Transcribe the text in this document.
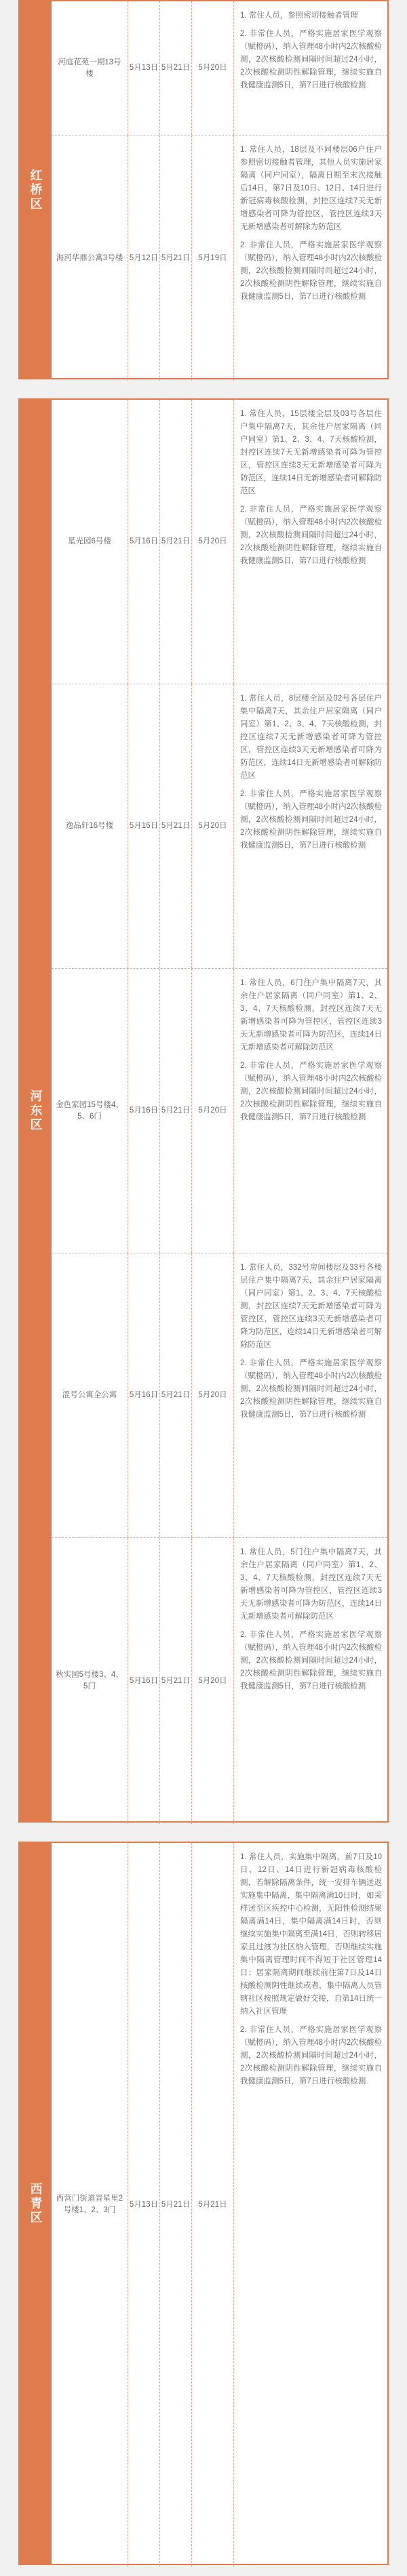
红桥区
河庭花苑一期13号楼
5月13日 5月21日 5月20日

1. 常住人员，参照密切接触者管理

2. 非常住人员，严格实施居家医学观察（赋橙码），纳入管理48小时内2次核酸检测，2次核酸检测间隔时间超过24小时，2次核酸检测阴性解除管理，继续实施自我健康监测5日，第7日进行核酸检测

海河华鼎公寓3号楼 5月12日 5月21日 5月19日

1. 常住人员，18层及不同楼层06户住户参照密切接触者管理，其他人员实施居家隔离（同户同室），隔离日期至末次接触后14日，第7日及10日、12日、14日进行新冠病毒核酸检测，封控区连续7天无新增感染者可降为管控区，管控区连续3天无新增感染者可解除为防范区

2. 非常住人员，严格实施居家医学观察（赋橙码），纳入管理48小时内2次核酸检测，2次核酸检测间隔时间超过24小时，2次核酸检测阴性解除管理，继续实施自我健康监测5日，第7日进行核酸检测

河东区
星光园6号楼 5月16日 5月21日 5月20日

1. 常住人员，15层楼全层及03号各层住户集中隔离7天，其余住户居家隔离（同户同室）第1、2、3、4、7天核酸检测，封控区连续7天无新增感染者可降为管控区，管控区连续3天无新增感染者可降为防范区，连续14日无新增感染者可解除防范区

2. 非常住人员，严格实施居家医学观察（赋橙码），纳入管理48小时内2次核酸检测，2次核酸检测间隔时间超过24小时，2次核酸检测阴性解除管理，继续实施自我健康监测5日，第7日进行核酸检测

逸品轩16号楼 5月16日 5月21日 5月20日

1. 常住人员，8层楼全层及02号各层住户集中隔离7天，其余住户居家隔离（同户同室）第1、2、3、4、7天核酸检测，封控区连续7天无新增感染者可降为管控区，管控区连续3天无新增感染者可降为防范区，连续14日无新增感染者可解除防范区

2. 非常住人员，严格实施居家医学观察（赋橙码），纳入管理48小时内2次核酸检测，2次核酸检测间隔时间超过24小时，2次核酸检测阴性解除管理，继续实施自我健康监测5日，第7日进行核酸检测

金色家园15号楼4、5、6门
5月16日 5月21日 5月20日

1. 常住人员，6门住户集中隔离7天，其余住户居家隔离（同户同室）第1、2、3、4、7天核酸检测，封控区连续7天无新增感染者可降为管控区，管控区连续3天无新增感染者可降为防范区，连续14日无新增感染者可解除防范区

2. 非常住人员，严格实施居家医学观察（赋橙码），纳入管理48小时内2次核酸检测，2次核酸检测间隔时间超过24小时，2次核酸检测阴性解除管理，继续实施自我健康监测5日，第7日进行核酸检测

涩号公寓全公寓 5月16日 5月21日 5月20日

1. 常住人员，332号房间楼层及33号各楼层住户集中隔离7天，其余住户居家隔离（同户同室）第1、2、3、4、7天核酸检测，封控区连续7天无新增感染者可降为管控区，管控区连续3天无新增感染者可降为防范区，连续14日无新增感染者可解除防范区

2. 非常住人员，严格实施居家医学观察（赋橙码），纳入管理48小时内2次核酸检测，2次核酸检测间隔时间超过24小时，2次核酸检测阴性解除管理，继续实施自我健康监测5日，第7日进行核酸检测

秋实园5号楼3、4、5门
5月16日 5月21日 5月20日

1. 常住人员，5门住户集中隔离7天，其余住户居家隔离（同户同室）第1、2、3、4、7天核酸检测，封控区连续7天无新增感染者可降为管控区，管控区连续3天无新增感染者可降为防范区，连续14日无新增感染者可解除防范区

2. 非常住人员，严格实施居家医学观察（赋橙码），纳入管理48小时内2次核酸检测，2次核酸检测间隔时间超过24小时，2次核酸检测阴性解除管理，继续实施自我健康监测5日，第7日进行核酸检测

西青区 西营门街道晋星里2号楼1、2、3门
5月13日 5月21日 5月21日

1. 常住人员，实施集中隔离，前7日及10日、12日、14日进行新冠病毒核酸检测，若解除隔离条件，统一安排车辆送返实施集中隔离，集中隔离满10日时，如采样送至区疾控中心检测，无阳性检测结果隔离满14日，集中隔离满14日时，否则继续实施集中隔离至满14日，否则转移居家且过渡为社区纳入管理，否则继续实施集中隔离管理时间不得短于社区管理14日；居家隔离期间继续前往第7日及14日核酸检测阴性继续或者，集中隔离人员管辖社区按照规定做好交接，自第14日统一纳入社区管理

2. 非常住人员，严格实施居家医学观察（赋橙码），纳入管理48小时内2次核酸检测，2次核酸检测间隔时间超过24小时，2次核酸检测阴性解除管理，继续实施自我健康监测5日，第7日进行核酸检测
